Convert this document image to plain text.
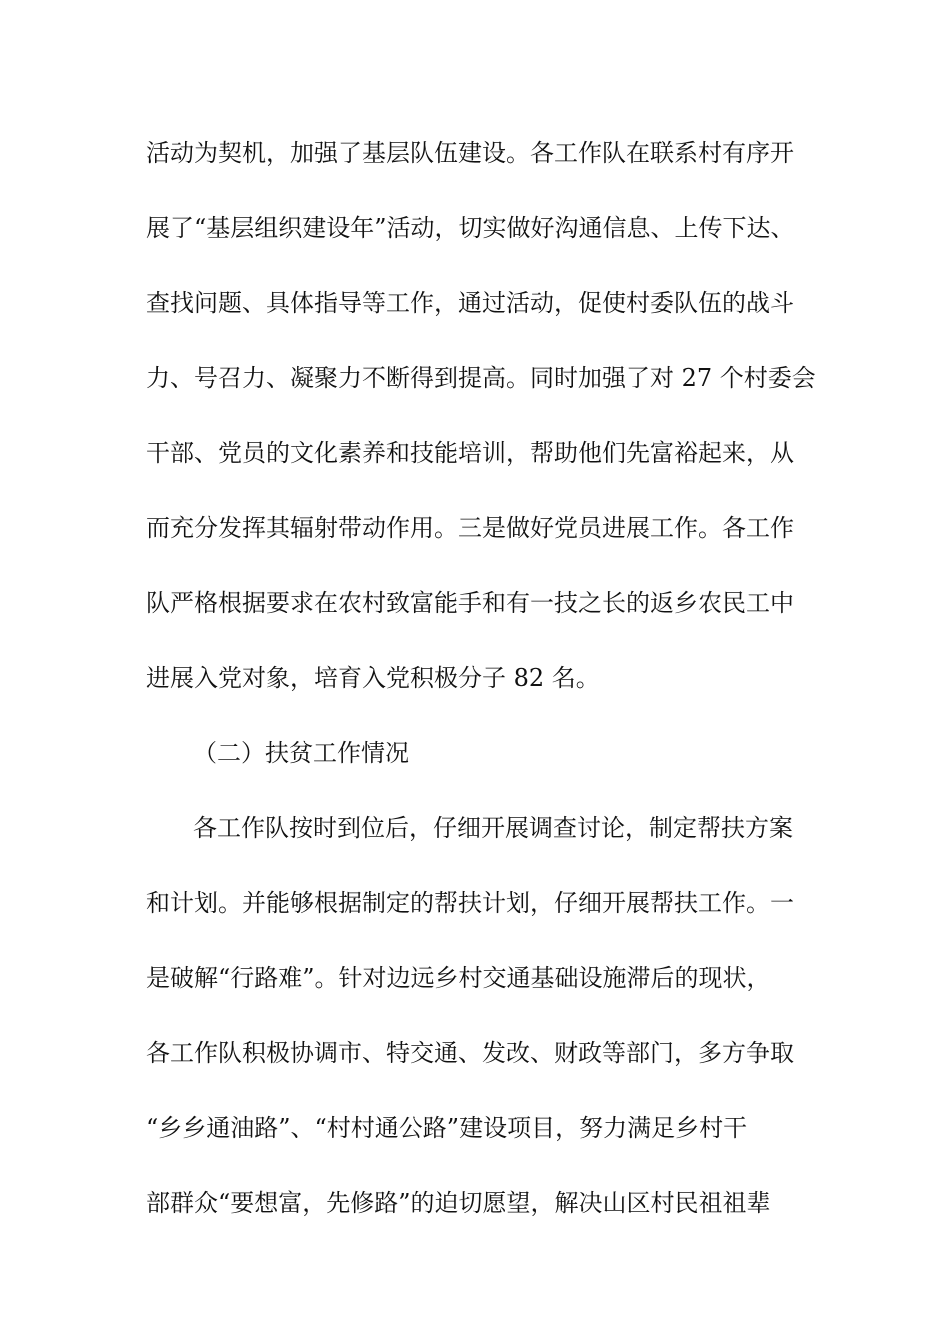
活动为契机，加强了基层队伍建设。各工作队在联系村有序开

展了“基层组织建设年”活动，切实做好沟通信息、上传下达、

查找问题、具体指导等工作，通过活动，促使村委队伍的战斗

力、号召力、凝聚力不断得到提高。同时加强了对 27 个村委会

干部、党员的文化素养和技能培训，帮助他们先富裕起来，从

而充分发挥其辐射带动作用。三是做好党员进展工作。各工作

队严格根据要求在农村致富能手和有一技之长的返乡农民工中

进展入党对象，培育入党积极分子 82 名。

（二）扶贫工作情况

各工作队按时到位后，仔细开展调查讨论，制定帮扶方案

和计划。并能够根据制定的帮扶计划，仔细开展帮扶工作。一

是破解“行路难”。针对边远乡村交通基础设施滞后的现状，

各工作队积极协调市、特交通、发改、财政等部门，多方争取

“乡乡通油路”、“村村通公路”建设项目，努力满足乡村干

部群众“要想富，先修路”的迫切愿望，解决山区村民祖祖辈
